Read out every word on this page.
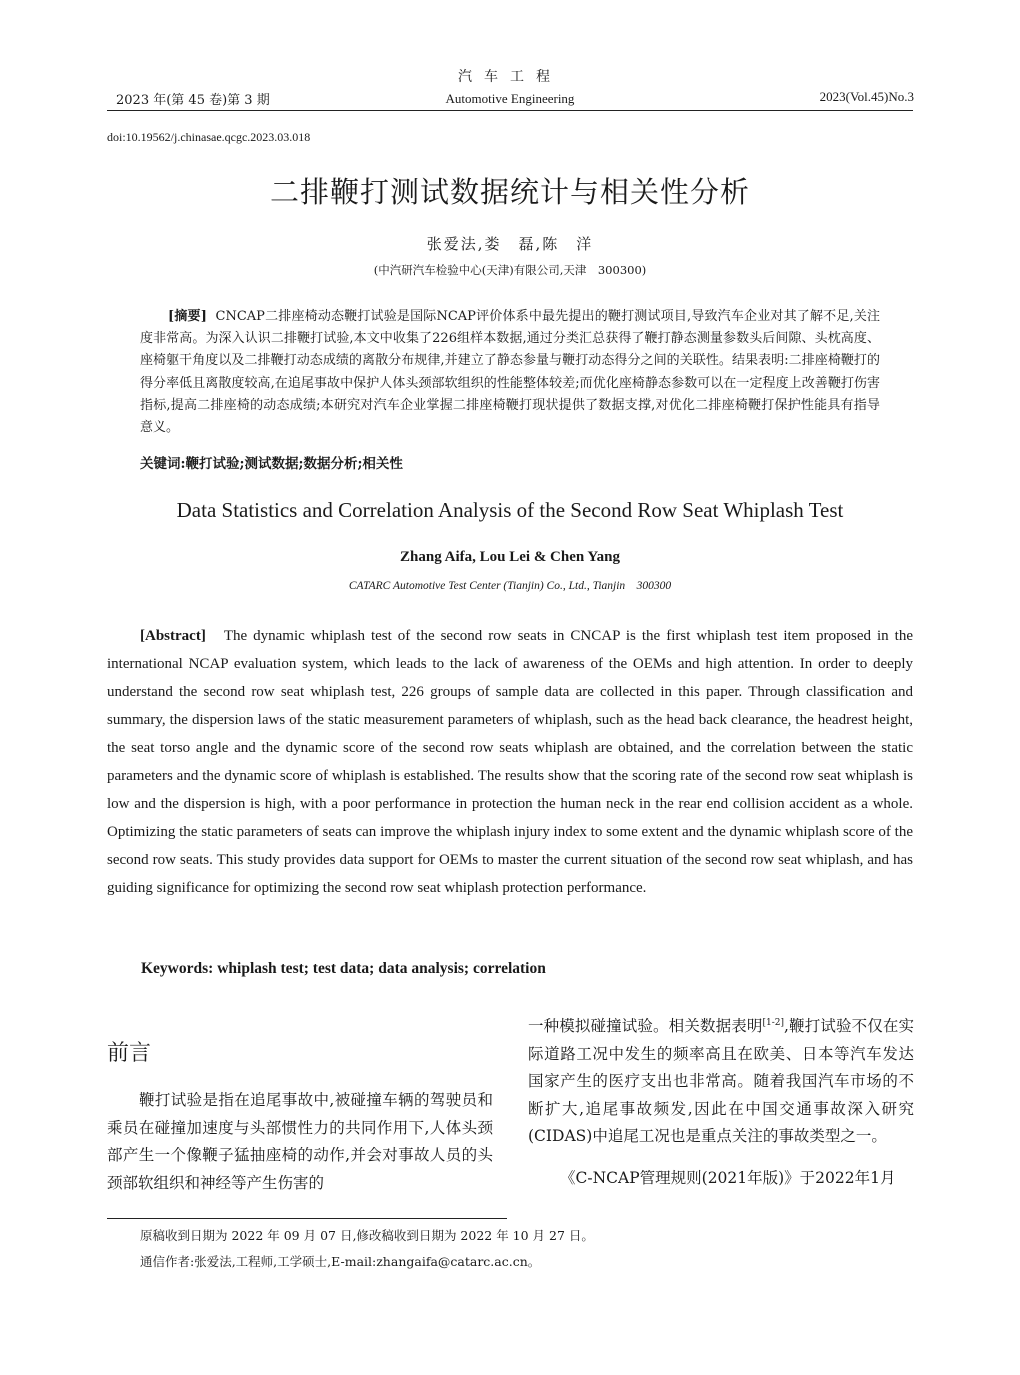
汽车工程
2023 年(第 45 卷)第 3 期	Automotive Engineering	2023(Vol.45)No.3
doi:10.19562/j.chinasae.qcgc.2023.03.018
二排鞭打测试数据统计与相关性分析
张爱法,娄　磊,陈　洋
(中汽研汽车检验中心(天津)有限公司,天津　300300)

[摘要] CNCAP二排座椅动态鞭打试验是国际NCAP评价体系中最先提出的鞭打测试项目,导致汽车企业对其了解不足,关注度非常高。为深入认识二排鞭打试验,本文中收集了226组样本数据,通过分类汇总获得了鞭打静态测量参数头后间隙、头枕高度、座椅躯干角度以及二排鞭打动态成绩的离散分布规律,并建立了静态参量与鞭打动态得分之间的关联性。结果表明:二排座椅鞭打的得分率低且离散度较高,在追尾事故中保护人体头颈部软组织的性能整体较差;而优化座椅静态参数可以在一定程度上改善鞭打伤害指标,提高二排座椅的动态成绩;本研究对汽车企业掌握二排座椅鞭打现状提供了数据支撑,对优化二排座椅鞭打保护性能具有指导意义。

关键词:鞭打试验;测试数据;数据分析;相关性
Data Statistics and Correlation Analysis of the Second Row Seat Whiplash Test
Zhang Aifa, Lou Lei & Chen Yang
CATARC Automotive Test Center (Tianjin) Co., Ltd., Tianjin　300300

[Abstract] The dynamic whiplash test of the second row seats in CNCAP is the first whiplash test item proposed in the international NCAP evaluation system, which leads to the lack of awareness of the OEMs and high attention. In order to deeply understand the second row seat whiplash test, 226 groups of sample data are collected in this paper. Through classification and summary, the dispersion laws of the static measurement parameters of whiplash, such as the head back clearance, the headrest height, the seat torso angle and the dynamic score of the second row seats whiplash are obtained, and the correlation between the static parameters and the dynamic score of whiplash is established. The results show that the scoring rate of the second row seat whiplash is low and the dispersion is high, with a poor performance in protection the human neck in the rear end collision accident as a whole. Optimizing the static parameters of seats can improve the whiplash injury index to some extent and the dynamic whiplash score of the second row seats. This study provides data support for OEMs to master the current situation of the second row seat whiplash, and has guiding significance for optimizing the second row seat whiplash protection performance.

Keywords: whiplash test; test data; data analysis; correlation
前言

鞭打试验是指在追尾事故中,被碰撞车辆的驾驶员和乘员在碰撞加速度与头部惯性力的共同作用下,人体头颈部产生一个像鞭子猛抽座椅的动作,并会对事故人员的头颈部软组织和神经等产生伤害的

一种模拟碰撞试验。相关数据表明[1-2],鞭打试验不仅在实际道路工况中发生的频率高且在欧美、日本等汽车发达国家产生的医疗支出也非常高。随着我国汽车市场的不断扩大,追尾事故频发,因此在中国交通事故深入研究(CIDAS)中追尾工况也是重点关注的事故类型之一。

《C-NCAP管理规则(2021年版)》于2022年1月

原稿收到日期为 2022 年 09 月 07 日,修改稿收到日期为 2022 年 10 月 27 日。
通信作者:张爱法,工程师,工学硕士,E-mail:zhangaifa@catarc.ac.cn。
